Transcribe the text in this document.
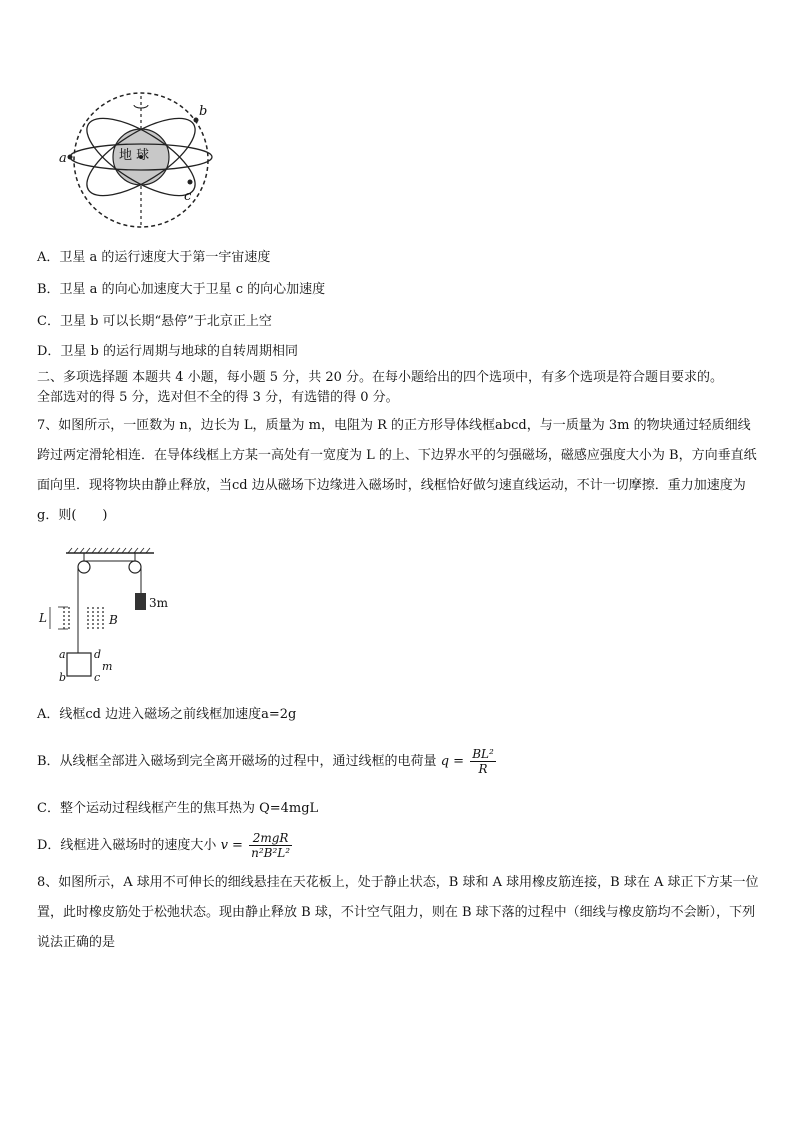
地 球
a
b
c
A．卫星 a 的运行速度大于第一宇宙速度
B．卫星 a 的向心加速度大于卫星 c 的向心加速度
C．卫星 b 可以长期“悬停”于北京正上空
D．卫星 b 的运行周期与地球的自转周期相同
二、多项选择题 本题共 4 小题，每小题 5 分，共 20 分。在每小题给出的四个选项中，有多个选项是符合题目要求的。
全部选对的得 5 分，选对但不全的得 3 分，有选错的得 0 分。
7、如图所示，一匝数为 n，边长为 L，质量为 m，电阻为 R 的正方形导体线框abcd，与一质量为 3m 的物块通过轻质细线跨过两定滑轮相连．在导体线框上方某一高处有一宽度为 L 的上、下边界水平的匀强磁场，磁感应强度大小为 B，方向垂直纸面向里．现将物块由静止释放，当cd 边从磁场下边缘进入磁场时，线框恰好做匀速直线运动，不计一切摩擦．重力加速度为 g．则(　　)
3m
L	B
a
b	c
d
m
A．线框cd 边进入磁场之前线框加速度a=2g
B．从线框全部进入磁场到完全离开磁场的过程中，通过线框的电荷量 $q = \frac{\text{BL²}}{R}$
C．整个运动过程线框产生的焦耳热为 Q=4mgL
D．线框进入磁场时的速度大小 $v = \frac{\text{2mgR}}{\text{n²B²L²}}$
8、如图所示，A 球用不可伸长的细线悬挂在天花板上，处于静止状态，B 球和 A 球用橡皮筋连接，B 球在 A 球正下方某一位置，此时橡皮筋处于松弛状态。现由静止释放 B 球，不计空气阻力，则在 B 球下落的过程中（细线与橡皮筋均不会断），下列说法正确的是
